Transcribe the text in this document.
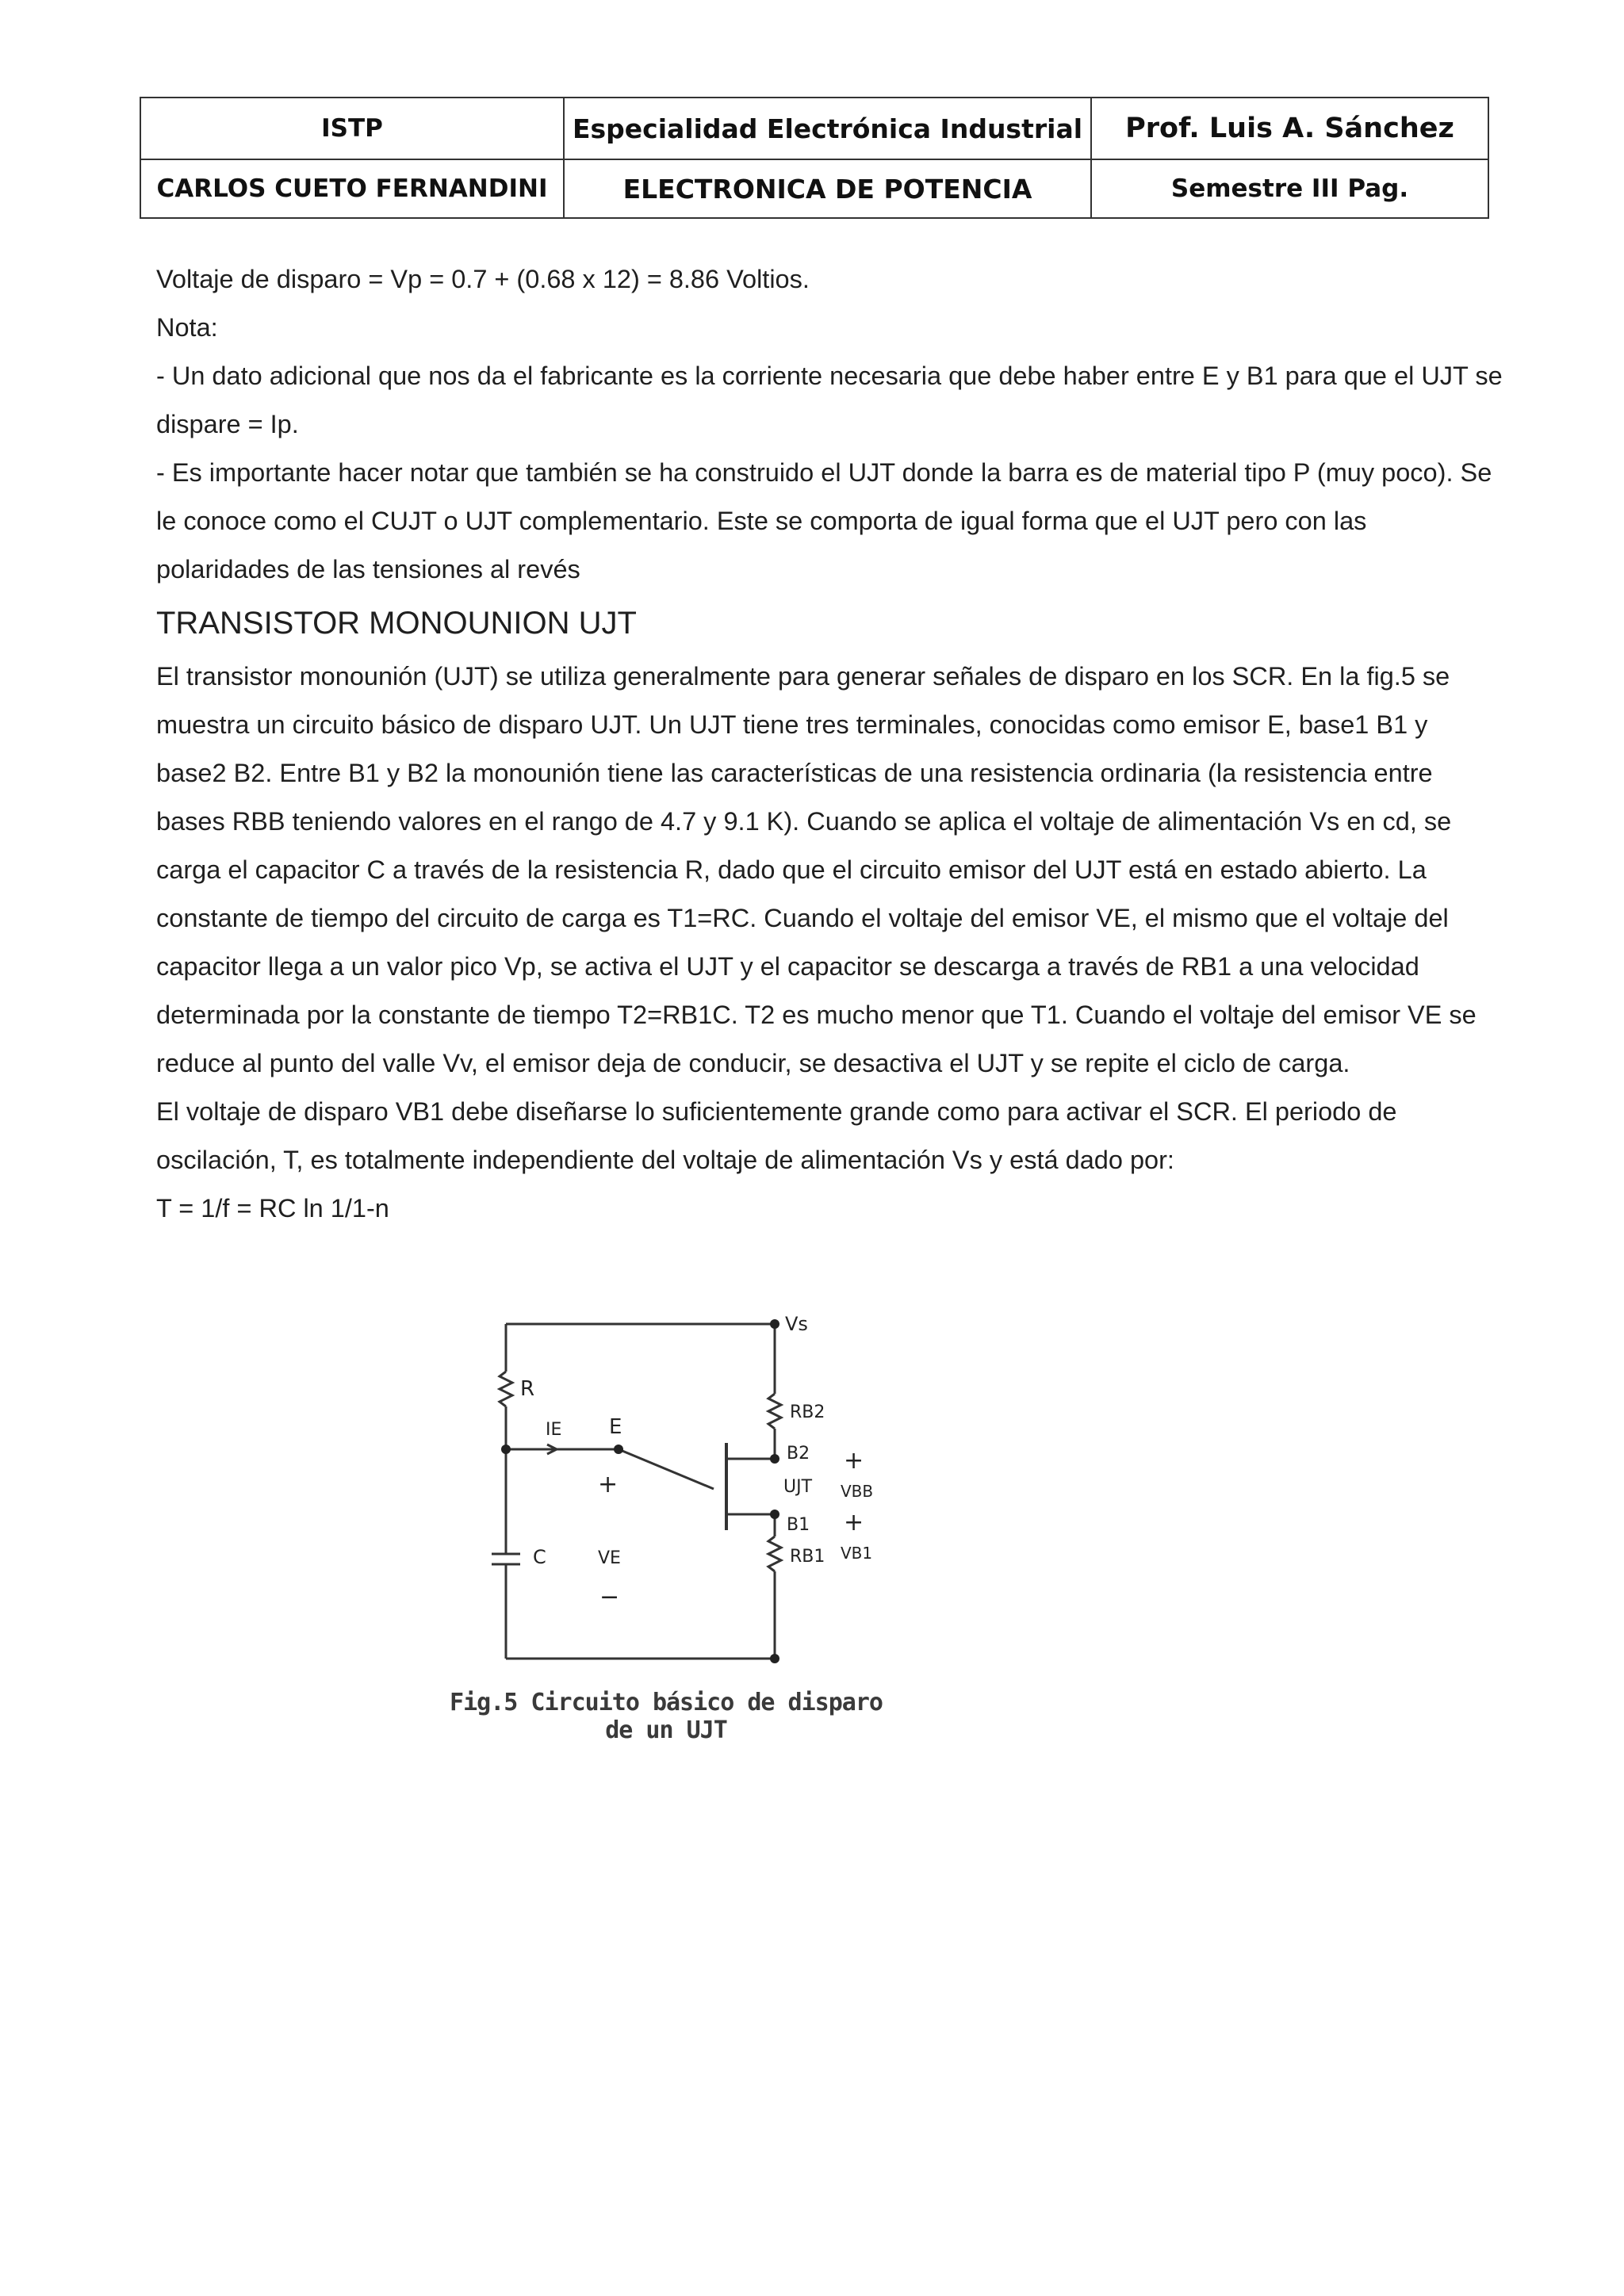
ISTP	Especialidad Electrónica Industrial	Prof. Luis A. Sánchez
CARLOS CUETO FERNANDINI	ELECTRONICA DE POTENCIA	Semestre III Pag.

Voltaje de disparo = Vp = 0.7 + (0.68 x 12) = 8.86 Voltios.

Nota:

- Un dato adicional que nos da el fabricante es la corriente necesaria que debe haber entre E y B1 para que el UJT se dispare = Ip.

- Es importante hacer notar que también se ha construido el UJT donde la barra es de material tipo P (muy poco). Se le conoce como el CUJT o UJT complementario. Este se comporta de igual forma que el UJT pero con las polaridades de las tensiones al revés

TRANSISTOR MONOUNION UJT

El transistor monounión (UJT) se utiliza generalmente para generar señales de disparo en los SCR. En la fig.5 se muestra un circuito básico de disparo UJT. Un UJT tiene tres terminales, conocidas como emisor E, base1 B1 y base2 B2. Entre B1 y B2 la monounión tiene las características de una resistencia ordinaria (la resistencia entre bases RBB teniendo valores en el rango de 4.7 y 9.1 K). Cuando se aplica el voltaje de alimentación Vs en cd, se carga el capacitor C a través de la resistencia R, dado que el circuito emisor del UJT está en estado abierto. La constante de tiempo del circuito de carga es T1=RC. Cuando el voltaje del emisor VE, el mismo que el voltaje del capacitor llega a un valor pico Vp, se activa el UJT y el capacitor se descarga a través de RB1 a una velocidad determinada por la constante de tiempo T2=RB1C. T2 es mucho menor que T1. Cuando el voltaje del emisor VE se reduce al punto del valle Vv, el emisor deja de conducir, se desactiva el UJT y se repite el ciclo de carga.

El voltaje de disparo VB1 debe diseñarse lo suficientemente grande como para activar el SCR. El periodo de oscilación, T, es totalmente independiente del voltaje de alimentación Vs y está dado por:

T = 1/f = RC ln 1/1-n

Vs
R
IE E
RB2
B2
UJT
B1
RB1
C
+
VE
−
+
VBB
+
VB1
Fig.5 Circuito básico de disparo de un UJT
